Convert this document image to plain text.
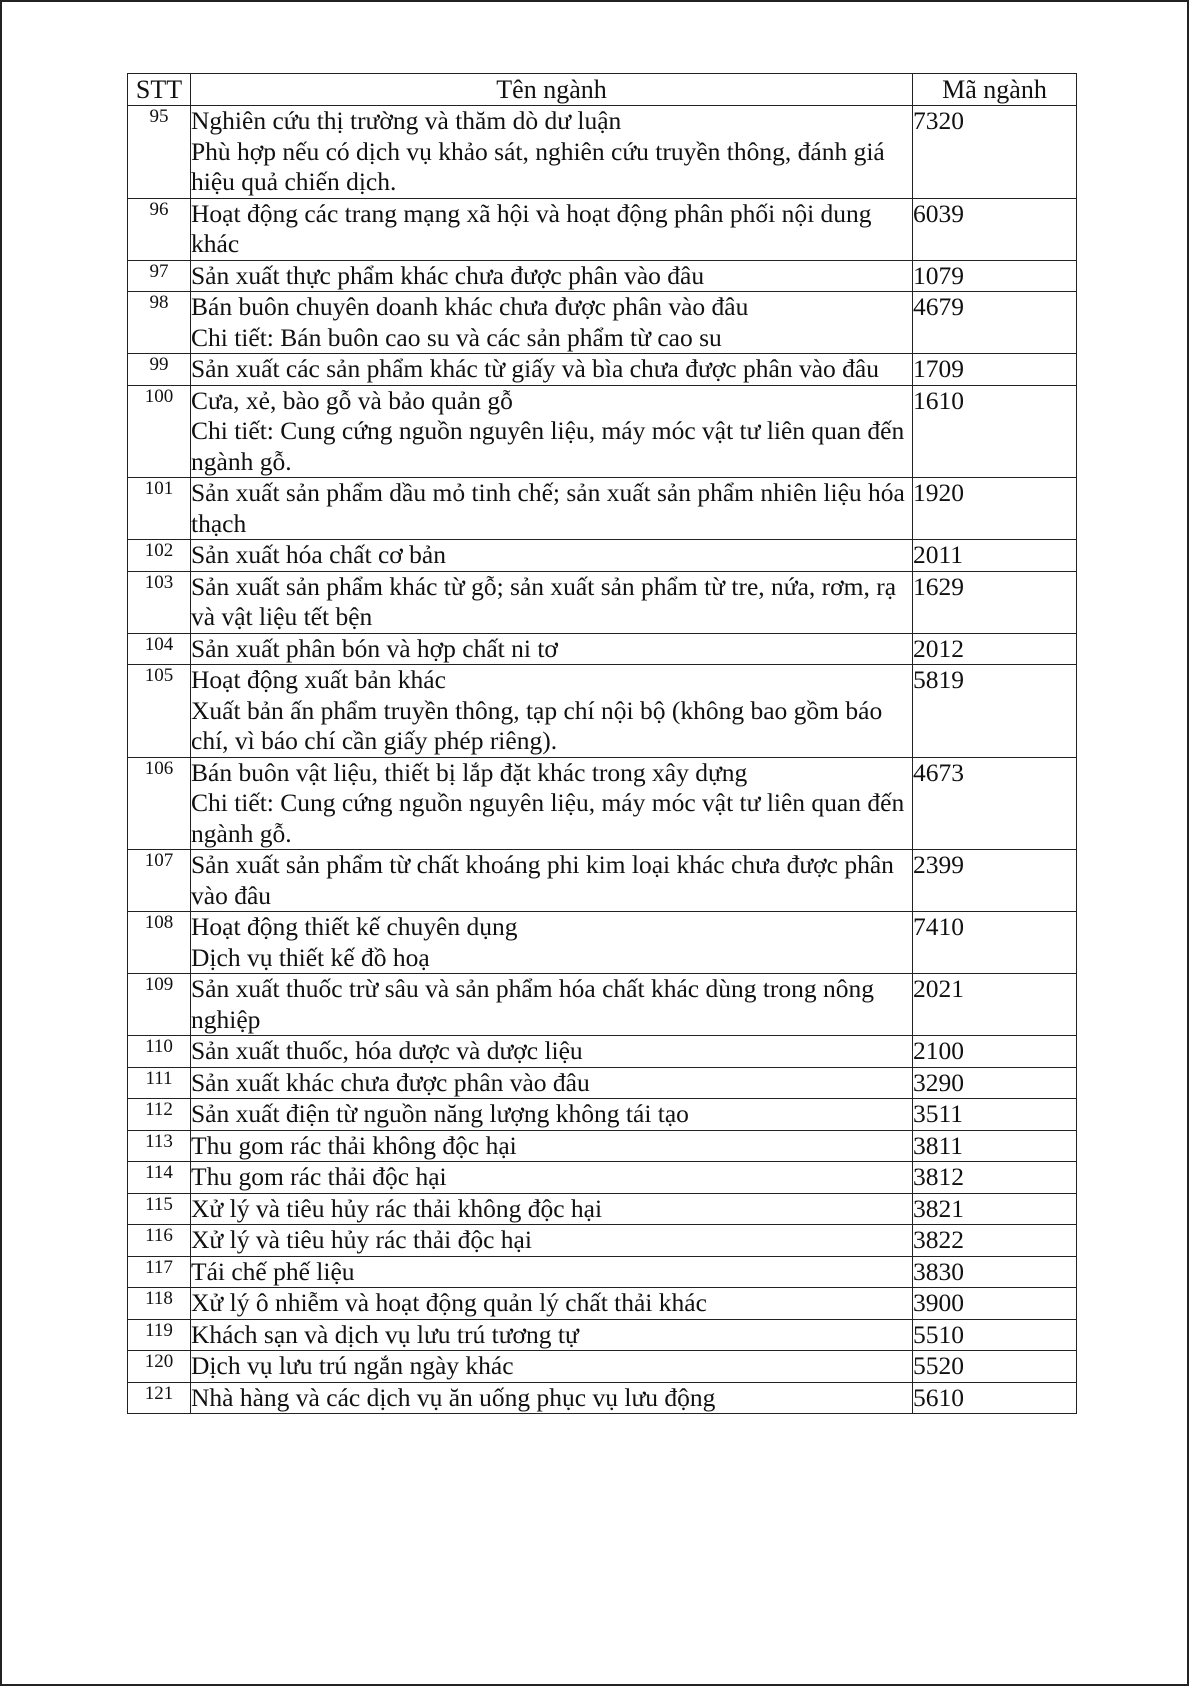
STT	Tên ngành	Mã ngành
95	Nghiên cứu thị trường và thăm dò dư luận
Phù hợp nếu có dịch vụ khảo sát, nghiên cứu truyền thông, đánh giá hiệu quả chiến dịch.	7320
96	Hoạt động các trang mạng xã hội và hoạt động phân phối nội dung khác	6039
97	Sản xuất thực phẩm khác chưa được phân vào đâu	1079
98	Bán buôn chuyên doanh khác chưa được phân vào đâu
Chi tiết: Bán buôn cao su và các sản phẩm từ cao su	4679
99	Sản xuất các sản phẩm khác từ giấy và bìa chưa được phân vào đâu	1709
100	Cưa, xẻ, bào gỗ và bảo quản gỗ
Chi tiết: Cung cứng nguồn nguyên liệu, máy móc vật tư liên quan đến ngành gỗ.	1610
101	Sản xuất sản phẩm dầu mỏ tinh chế; sản xuất sản phẩm nhiên liệu hóa thạch	1920
102	Sản xuất hóa chất cơ bản	2011
103	Sản xuất sản phẩm khác từ gỗ; sản xuất sản phẩm từ tre, nứa, rơm, rạ và vật liệu tết bện	1629
104	Sản xuất phân bón và hợp chất ni tơ	2012
105	Hoạt động xuất bản khác
Xuất bản ấn phẩm truyền thông, tạp chí nội bộ (không bao gồm báo chí, vì báo chí cần giấy phép riêng).	5819
106	Bán buôn vật liệu, thiết bị lắp đặt khác trong xây dựng
Chi tiết: Cung cứng nguồn nguyên liệu, máy móc vật tư liên quan đến ngành gỗ.	4673
107	Sản xuất sản phẩm từ chất khoáng phi kim loại khác chưa được phân vào đâu	2399
108	Hoạt động thiết kế chuyên dụng
Dịch vụ thiết kế đồ hoạ	7410
109	Sản xuất thuốc trừ sâu và sản phẩm hóa chất khác dùng trong nông nghiệp	2021
110	Sản xuất thuốc, hóa dược và dược liệu	2100
111	Sản xuất khác chưa được phân vào đâu	3290
112	Sản xuất điện từ nguồn năng lượng không tái tạo	3511
113	Thu gom rác thải không độc hại	3811
114	Thu gom rác thải độc hại	3812
115	Xử lý và tiêu hủy rác thải không độc hại	3821
116	Xử lý và tiêu hủy rác thải độc hại	3822
117	Tái chế phế liệu	3830
118	Xử lý ô nhiễm và hoạt động quản lý chất thải khác	3900
119	Khách sạn và dịch vụ lưu trú tương tự	5510
120	Dịch vụ lưu trú ngắn ngày khác	5520
121	Nhà hàng và các dịch vụ ăn uống phục vụ lưu động	5610
